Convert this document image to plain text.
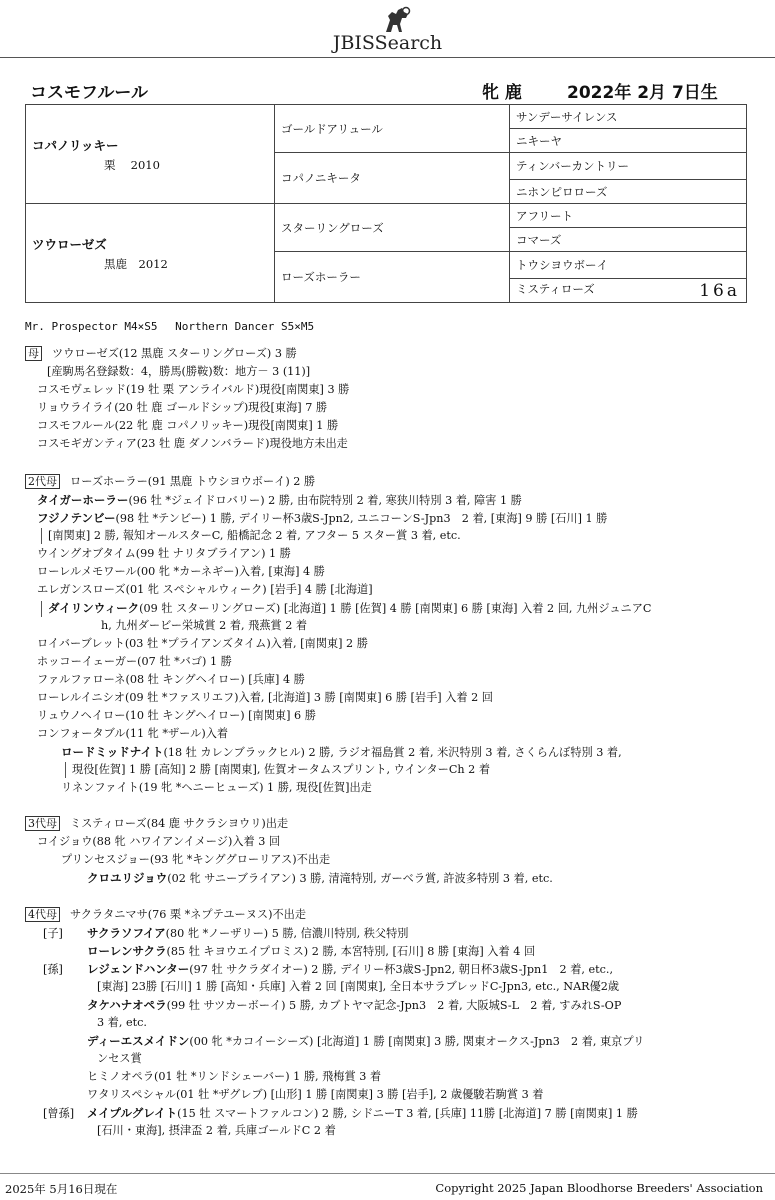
JBISSearch
コスモフルール	牝 鹿	2022年 2月 7日生
コパノリッキー
栗　 2010	ゴールドアリュール	サンデーサイレンス
		ニキーヤ
	コパノニキータ	ティンバーカントリー
		ニホンピロローズ
ツウローゼズ
黒鹿　2012	スターリングローズ	アフリート
		コマーズ
	ローズホーラー	トウシヨウボーイ
		ミスティローズ 16a
Mr. Prospector M4×S5　 Northern Dancer S5×M5
母 ツウローゼズ(12 黒鹿 スターリングローズ) 3 勝
[産駒馬名登録数：4，勝馬(勝鞍)数：地方－ 3 (11)]
コスモヴェレッド(19 牡 栗 アンライバルド)現役[南関東] 3 勝
リョウライライ(20 牡 鹿 ゴールドシップ)現役[東海] 7 勝
コスモフルール(22 牝 鹿 コパノリッキー)現役[南関東] 1 勝
コスモギガンティア(23 牡 鹿 ダノンバラード)現役地方未出走
2代母 ローズホーラー(91 黒鹿 トウシヨウボーイ) 2 勝
タイガーホーラー(96 牡 *ジェイドロバリー) 2 勝, 由布院特別 2 着, 寒狭川特別 3 着, 障害 1 勝
フジノテンビー(98 牡 *テンビー) 1 勝, デイリー杯3歳S-Jpn2, ユニコーンS-Jpn3　2 着, [東海] 9 勝 [石川] 1 勝
[南関東] 2 勝, 報知オールスターC, 船橋記念 2 着, アフター 5 スター賞 3 着, etc.
ウイングオブタイム(99 牡 ナリタブライアン) 1 勝
ローレルメモワール(00 牝 *カーネギー)入着, [東海] 4 勝
エレガンスローズ(01 牝 スペシャルウィーク) [岩手] 4 勝 [北海道]
ダイリンウィーク(09 牡 スターリングローズ) [北海道] 1 勝 [佐賀] 4 勝 [南関東] 6 勝 [東海] 入着 2 回, 九州ジュニアC
h, 九州ダービー栄城賞 2 着, 飛燕賞 2 着
ロイバーブレット(03 牡 *プライアンズタイム)入着, [南関東] 2 勝
ホッコーイェーガー(07 牡 *バゴ) 1 勝
ファルファローネ(08 牡 キングヘイロー) [兵庫] 4 勝
ローレルイニシオ(09 牡 *ファスリエフ)入着, [北海道] 3 勝 [南関東] 6 勝 [岩手] 入着 2 回
リュウノヘイロー(10 牡 キングヘイロー) [南関東] 6 勝
コンフォータブル(11 牝 *ザール)入着
ロードミッドナイト(18 牡 カレンブラックヒル) 2 勝, ラジオ福島賞 2 着, 米沢特別 3 着, さくらんぼ特別 3 着,
現役[佐賀] 1 勝 [高知] 2 勝 [南関東], 佐賀オータムスプリント, ウインターCh 2 着
リネンファイト(19 牝 *ヘニーヒューズ) 1 勝, 現役[佐賀]出走
3代母 ミスティローズ(84 鹿 サクラシヨウリ)出走
コイジョウ(88 牝 ハワイアンイメージ)入着 3 回
プリンセスジョー(93 牝 *キンググローリアス)不出走
クロユリジョウ(02 牝 サニーブライアン) 3 勝, 清滝特別, ガーベラ賞, 許波多特別 3 着, etc.
4代母 サクラタニマサ(76 栗 *ネプテユーヌス)不出走
[子] サクラソフイア(80 牝 *ノーザリー) 5 勝, 信濃川特別, 秩父特別
ローレンサクラ(85 牡 キヨウエイプロミス) 2 勝, 本宮特別, [石川] 8 勝 [東海] 入着 4 回
[孫] レジェンドハンター(97 牡 サクラダイオー) 2 勝, デイリー杯3歳S-Jpn2, 朝日杯3歳S-Jpn1　2 着, etc.,
[東海] 23勝 [石川] 1 勝 [高知・兵庫] 入着 2 回 [南関東], 全日本サラブレッドC-Jpn3, etc., NAR優2歳
タケハナオペラ(99 牡 サツカーボーイ) 5 勝, カブトヤマ記念-Jpn3　2 着, 大阪城S-L　2 着, すみれS-OP
3 着, etc.
ディーエスメイドン(00 牝 *カコイーシーズ) [北海道] 1 勝 [南関東] 3 勝, 関東オークス-Jpn3　2 着, 東京プリ
ンセス賞
ヒミノオペラ(01 牡 *リンドシェーバー) 1 勝, 飛梅賞 3 着
ワタリスペシャル(01 牡 *ザグレブ) [山形] 1 勝 [南関東] 3 勝 [岩手], 2 歳優駿若駒賞 3 着
[曾孫] メイプルグレイト(15 牡 スマートファルコン) 2 勝, シドニーT 3 着, [兵庫] 11勝 [北海道] 7 勝 [南関東] 1 勝
[石川・東海], 摂津盃 2 着, 兵庫ゴールドC 2 着
2025年 5月16日現在	Copyright 2025 Japan Bloodhorse Breeders' Association
